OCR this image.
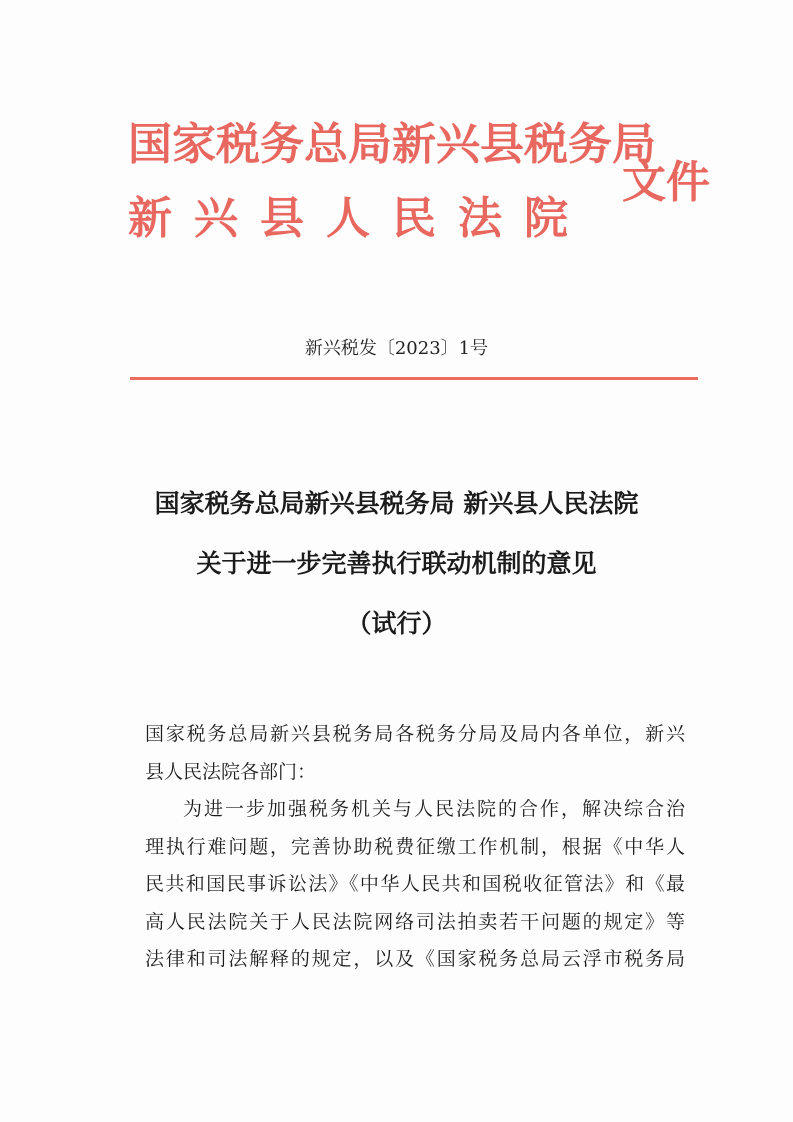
国家税务总局新兴县税务局
新兴县人民法院
文件
新兴税发〔2023〕1号
国家税务总局新兴县税务局 新兴县人民法院
关于进一步完善执行联动机制的意见
（试行）
国家税务总局新兴县税务局各税务分局及局内各单位，新兴
县人民法院各部门：
为进一步加强税务机关与人民法院的合作，解决综合治
理执行难问题，完善协助税费征缴工作机制，根据《中华人
民共和国民事诉讼法》《中华人民共和国税收征管法》和《最
高人民法院关于人民法院网络司法拍卖若干问题的规定》等
法律和司法解释的规定，以及《国家税务总局云浮市税务局
